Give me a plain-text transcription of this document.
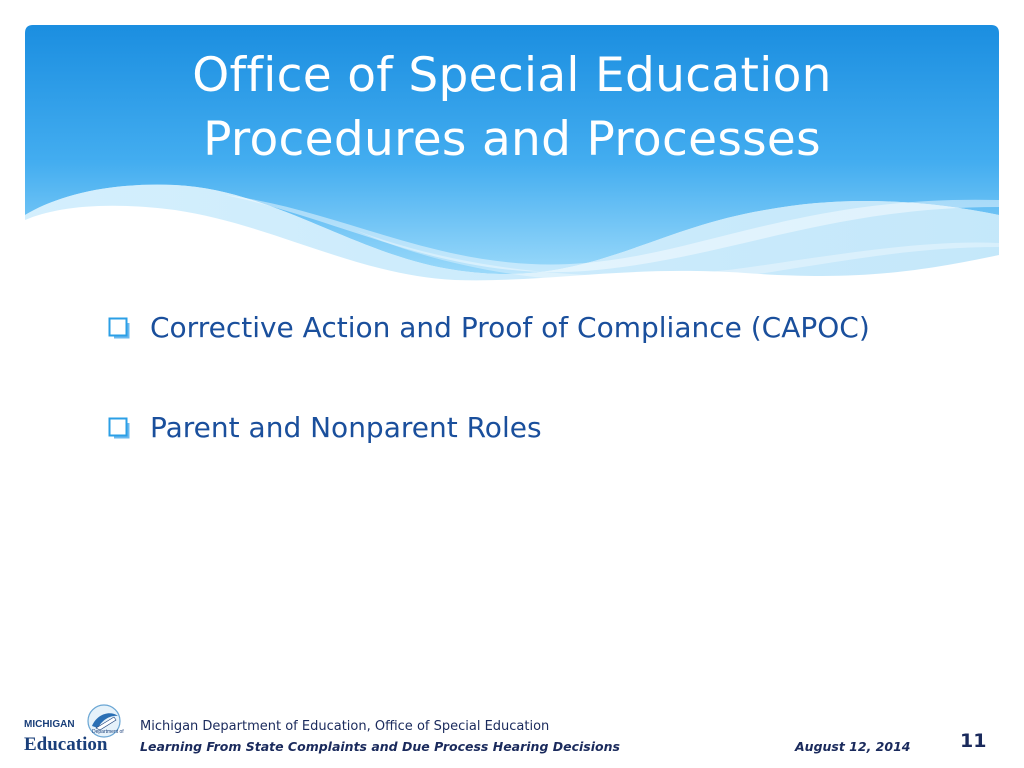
Office of Special Education
Procedures and Processes
Corrective Action and Proof of Compliance (CAPOC)
Parent and Nonparent Roles
MICHIGAN
Department of
Education
Michigan Department of Education, Office of Special Education
Learning From State Complaints and Due Process Hearing Decisions	August 12, 2014	11
